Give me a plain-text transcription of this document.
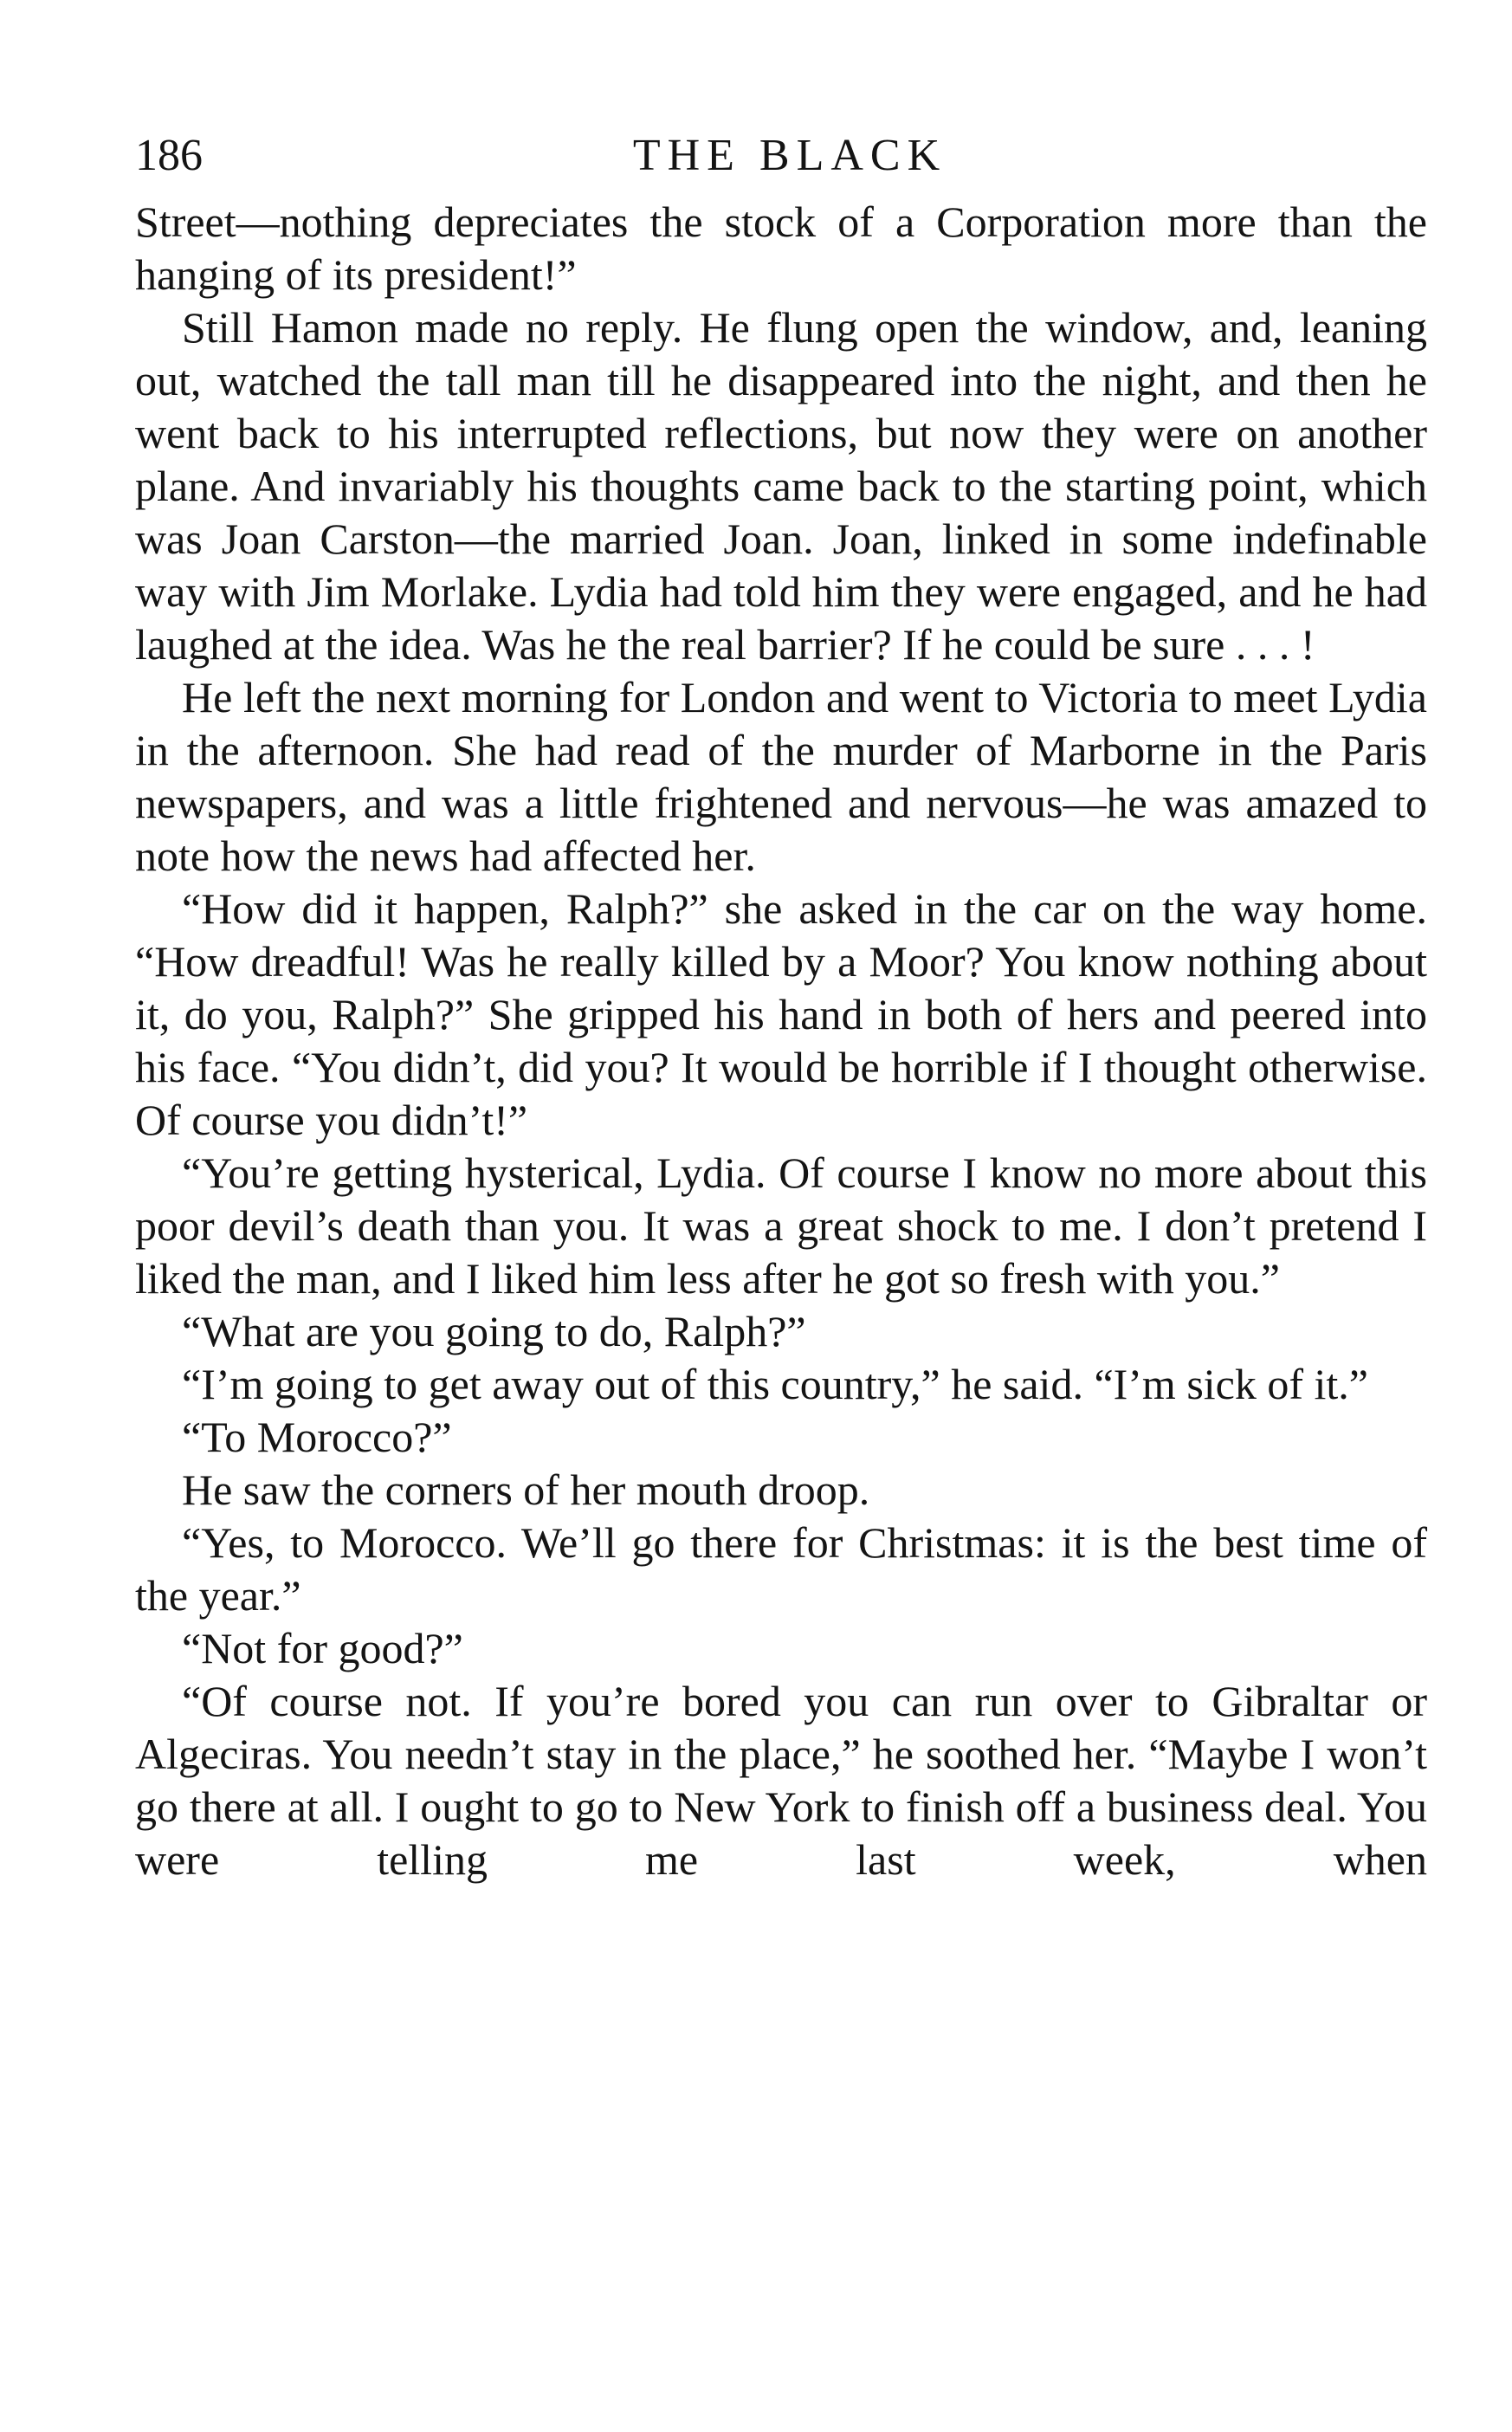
186	THE BLACK

Street—nothing depreciates the stock of a Corporation more than the hanging of its president!”

Still Hamon made no reply. He flung open the window, and, leaning out, watched the tall man till he disappeared into the night, and then he went back to his interrupted reflections, but now they were on another plane. And invariably his thoughts came back to the starting point, which was Joan Carston—the married Joan. Joan, linked in some indefinable way with Jim Morlake. Lydia had told him they were engaged, and he had laughed at the idea. Was he the real barrier? If he could be sure . . . !

He left the next morning for London and went to Victoria to meet Lydia in the afternoon. She had read of the murder of Marborne in the Paris newspapers, and was a little frightened and nervous—he was amazed to note how the news had affected her.

“How did it happen, Ralph?” she asked in the car on the way home. “How dreadful! Was he really killed by a Moor? You know nothing about it, do you, Ralph?” She gripped his hand in both of hers and peered into his face. “You didn’t, did you? It would be horrible if I thought otherwise. Of course you didn’t!”

“You’re getting hysterical, Lydia. Of course I know no more about this poor devil’s death than you. It was a great shock to me. I don’t pretend I liked the man, and I liked him less after he got so fresh with you.”

“What are you going to do, Ralph?”

“I’m going to get away out of this country,” he said. “I’m sick of it.”

“To Morocco?”

He saw the corners of her mouth droop.

“Yes, to Morocco. We’ll go there for Christmas: it is the best time of the year.”

“Not for good?”

“Of course not. If you’re bored you can run over to Gibraltar or Algeciras. You needn’t stay in the place,” he soothed her. “Maybe I won’t go there at all. I ought to go to New York to finish off a business deal. You were telling me last week, when
